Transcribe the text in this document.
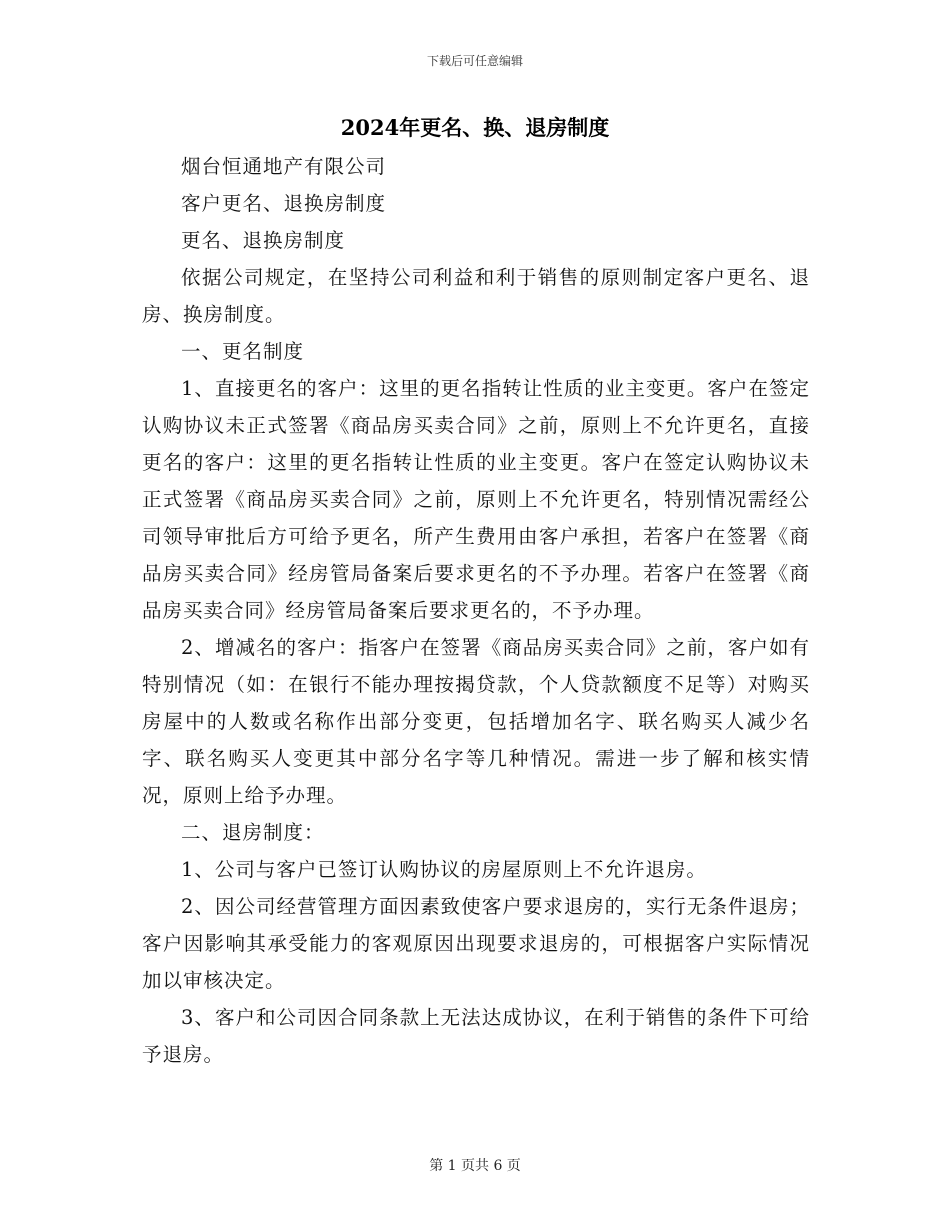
下载后可任意编辑
2024年更名、换、退房制度

烟台恒通地产有限公司

客户更名、退换房制度

更名、退换房制度

依据公司规定，在坚持公司利益和利于销售的原则制定客户更名、退房、换房制度。

一、更名制度

1、直接更名的客户：这里的更名指转让性质的业主变更。客户在签定认购协议未正式签署《商品房买卖合同》之前，原则上不允许更名，直接更名的客户：这里的更名指转让性质的业主变更。客户在签定认购协议未正式签署《商品房买卖合同》之前，原则上不允许更名，特别情况需经公司领导审批后方可给予更名，所产生费用由客户承担，若客户在签署《商品房买卖合同》经房管局备案后要求更名的不予办理。若客户在签署《商品房买卖合同》经房管局备案后要求更名的，不予办理。

2、增减名的客户：指客户在签署《商品房买卖合同》之前，客户如有特别情况（如：在银行不能办理按揭贷款，个人贷款额度不足等）对购买房屋中的人数或名称作出部分变更，包括增加名字、联名购买人减少名字、联名购买人变更其中部分名字等几种情况。需进一步了解和核实情况，原则上给予办理。

二、退房制度：

1、公司与客户已签订认购协议的房屋原则上不允许退房。

2、因公司经营管理方面因素致使客户要求退房的，实行无条件退房；客户因影响其承受能力的客观原因出现要求退房的，可根据客户实际情况加以审核决定。

3、客户和公司因合同条款上无法达成协议，在利于销售的条件下可给予退房。

第 1 页共 6 页
